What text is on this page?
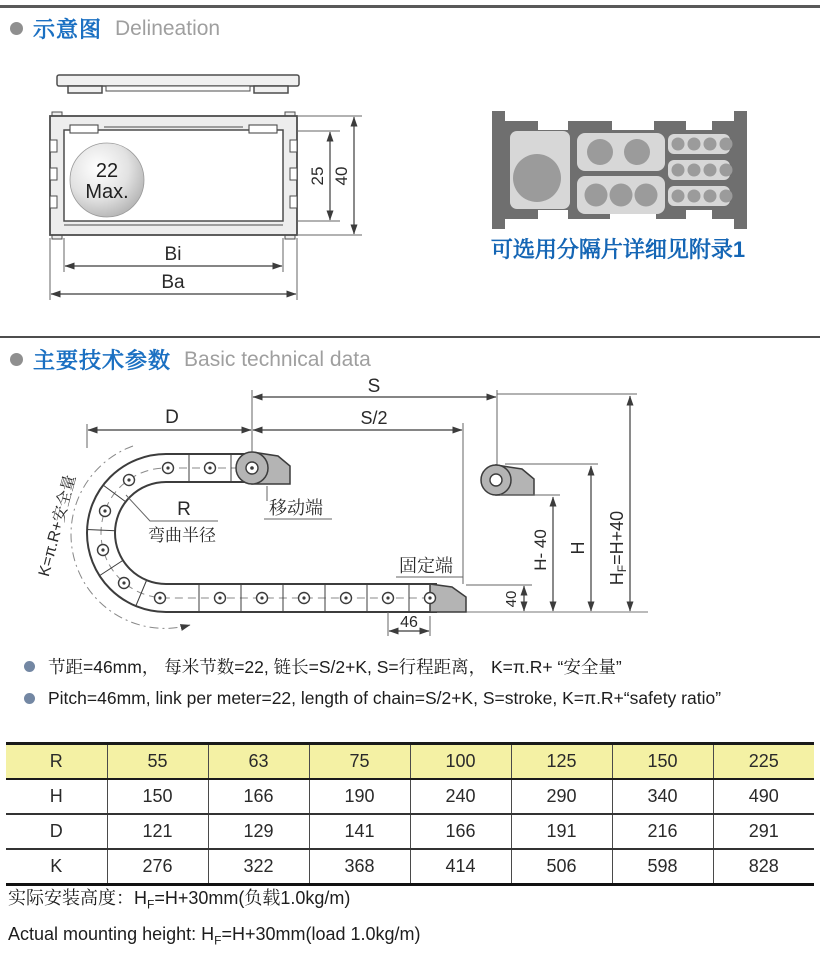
示意图 Delineation
22
Max.
25 40
Bi
Ba
可选用分隔片详细见附录1
主要技术参数 Basic technical data
S
S/2
D
R
弯曲半径
K=π.R+安全量	移动端
固定端
46
40
H- 40 H
HF=H+40
节距=46mm， 每米节数=22, 链长=S/2+K, S=行程距离， K=π.R+ “安全量”
Pitch=46mm, link per meter=22, length of chain=S/2+K, S=stroke, K=π.R+“safety ratio”
R	55	63	75	100	125	150	225
H	150	166	190	240	290	340	490
D	121	129	141	166	191	216	291
K	276	322	368	414	506	598	828
实际安装高度：$H_F=H+30mm$(负载1.0kg/m)
Actual mounting height: $H_F=H+30mm(load$ 1.0kg/m)
